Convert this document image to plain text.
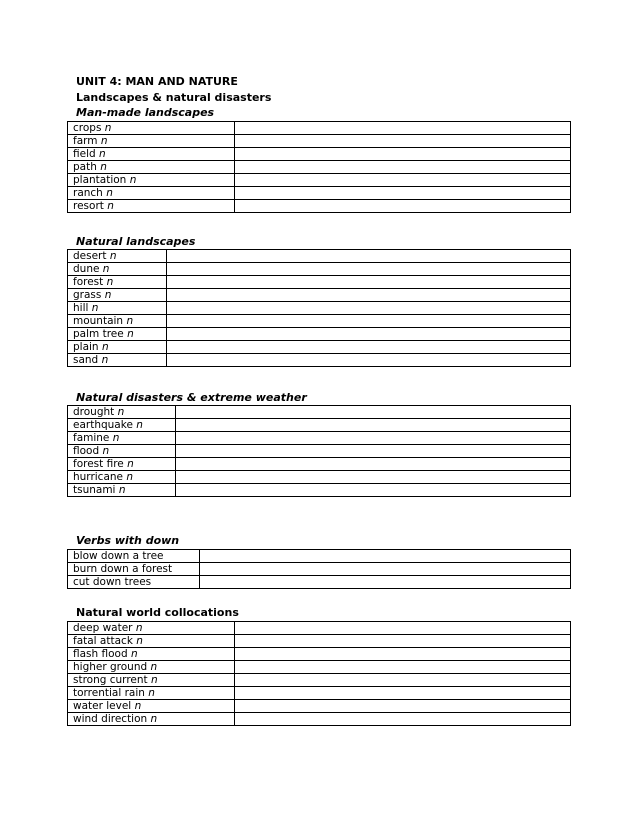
UNIT 4: MAN AND NATURE
Landscapes & natural disasters
Man-made landscapes
crops n	
farm n	
field n	
path n	
plantation n	
ranch n	
resort n	
Natural landscapes
desert n	
dune n	
forest n	
grass n	
hill n	
mountain n	
palm tree n	
plain n	
sand n	
Natural disasters & extreme weather
drought n	
earthquake n	
famine n	
flood n	
forest fire n	
hurricane n	
tsunami n	
Verbs with down
blow down a tree	
burn down a forest	
cut down trees	
Natural world collocations
deep water n	
fatal attack n	
flash flood n	
higher ground n	
strong current n	
torrential rain n	
water level n	
wind direction n	
